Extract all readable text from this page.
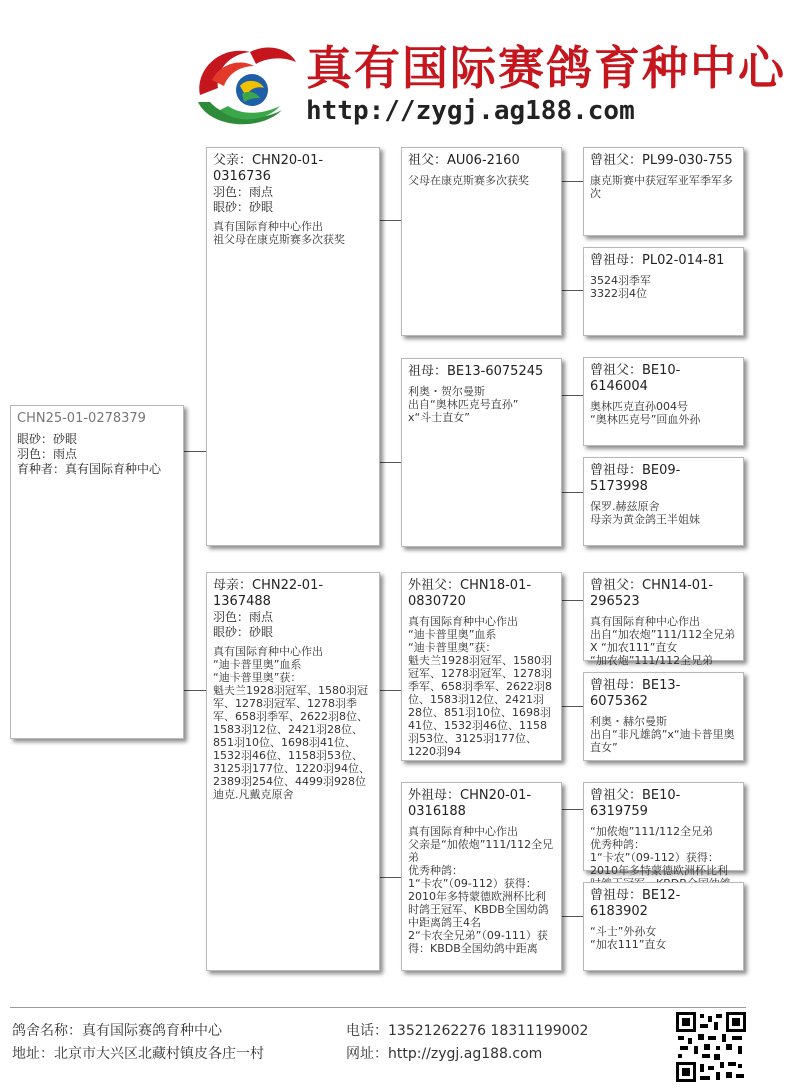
真有国际赛鸽育种中心
http://zygj.ag188.com
CHN25-01-0278379
眼砂：砂眼
羽色：雨点
育种者：真有国际育种中心
父亲：CHN20-01-0316736
羽色：雨点
眼砂：砂眼
真有国际育种中心作出
祖父母在康克斯赛多次获奖
母亲：CHN22-01-1367488
羽色：雨点
眼砂：砂眼
真有国际育种中心作出
“迪卡普里奥”血系
“迪卡普里奥”获：
魁夫兰1928羽冠军、1580羽冠军、1278羽冠军、1278羽季军、658羽季军、2622羽8位、1583羽12位、2421羽28位、851羽10位、1698羽41位、1532羽46位、1158羽53位、3125羽177位、1220羽94位、2389羽254位、4499羽928位
迪克.凡戴克原舍
祖父：AU06-2160
父母在康克斯赛多次获奖
祖母：BE13-6075245
利奥・贺尔曼斯
出自“奥林匹克号直孙”
x“斗士直女”
外祖父：CHN18-01-0830720
真有国际育种中心作出
“迪卡普里奥”血系
“迪卡普里奥”获：
魁夫兰1928羽冠军、1580羽冠军、1278羽冠军、1278羽季军、658羽季军、2622羽8位、1583羽12位、2421羽28位、851羽10位、1698羽41位、1532羽46位、1158羽53位、3125羽177位、1220羽94
外祖母：CHN20-01-0316188
真有国际育种中心作出
父亲是“加侬炮”111/112全兄弟
优秀种鸽：
1“卡农”（09-112）获得：2010年多特蒙德欧洲杯比利时鸽王冠军、KBDB全国幼鸽中距离鸽王4名
2“卡农全兄弟”（09-111）获得：KBDB全国幼鸽中距离
曾祖父：PL99-030-755
康克斯赛中获冠军亚军季军多次
曾祖母：PL02-014-81
3524羽季军
3322羽4位
曾祖父：BE10-6146004
奥林匹克直孙004号
“奥林匹克号”回血外孙
曾祖母：BE09-5173998
保罗.赫兹原舍
母亲为黄金鸽王半姐妹
曾祖父：CHN14-01-296523
真有国际育种中心作出
出自“加农炮”111/112全兄弟 X “加农111”直女
“加农炮”111/112全兄弟
曾祖母：BE13-6075362
利奥・赫尔曼斯
出自“非凡雄鸽”x“迪卡普里奥直女”
曾祖父：BE10-6319759
“加侬炮”111/112全兄弟
优秀种鸽：
1“卡农”（09-112）获得：2010年多特蒙德欧洲杯比利
曾祖母：BE12-6183902
“斗士”外孙女
“加农111”直女
鸽舍名称：真有国际赛鸽育种中心
地址：北京市大兴区北藏村镇皮各庄一村
电话：13521262276 18311199002
网址：http://zygj.ag188.com
